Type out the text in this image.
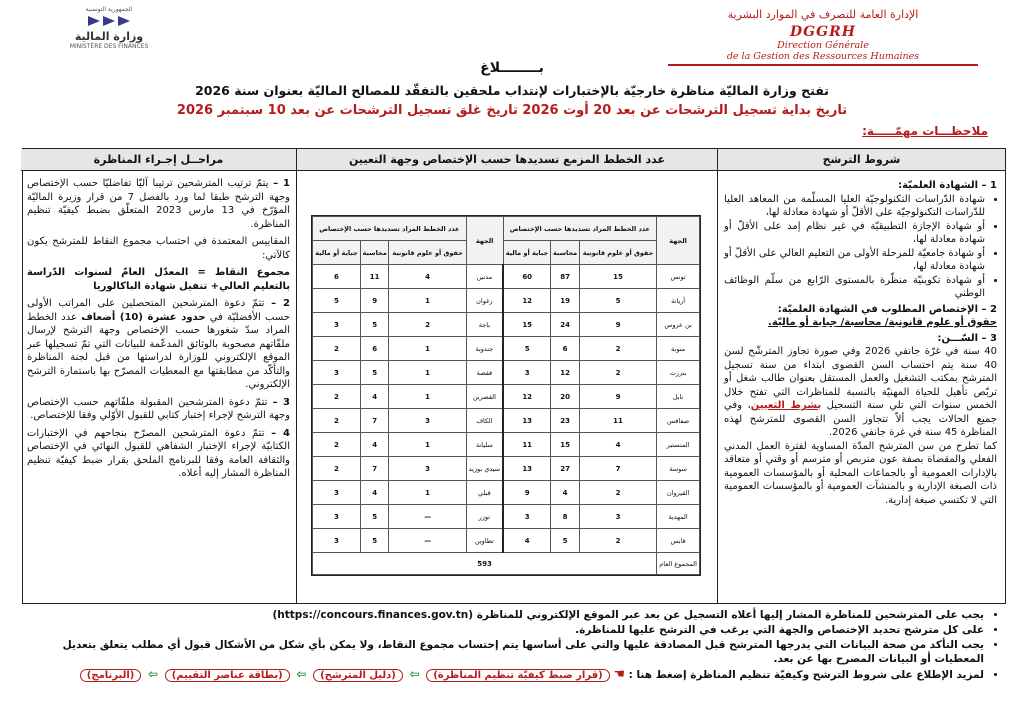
الإدارة العامة للتصرف في الموارد البشرية
DGGRH
Direction Générale
de la Gestion des Ressources Humaines
الجمهورية التونسية
وزارة المالية
MINISTÈRE DES FINANCES
بــــــــلاغ
تفتح وزارة الماليّة مناظرة خارجيّة بالإختبارات لإنتداب ملحقين بالتفقّد للمصالح الماليّة بعنوان سنة 2026
تاريخ بداية تسجيل الترشحات عن بعد 20 أوت 2026 تاريخ غلق تسجيل الترشحات عن بعد 10 سبتمبر 2026
ملاحظـــات مهمّـــــة:
شروط الترشح
عدد الخطط المزمع تسديدها حسب الإختصاص وجهة التعيين
مراحــل إجـراء المناظرة
1 – الشهادة العلميّة:
• شهادة الدّراسات التكنولوجيّة العليا المسلّمة من المعاهد العليا للدّراسات التكنولوجيّة على الأقلّ أو شهادة معادلة لها،
• أو شهادة الإجازة التطبيقيّة في غير نظام إمد على الأقلّ أو شهادة معادلة لها،
• أو شهادة جامعيّة للمرحلة الأولى من التعليم العالي على الأقلّ أو شهادة معادلة لها،
• أو شهادة تكوينيّة منظّرة بالمستوى الرّابع من سلّم الوظائف الوطني
2 – الإختصاص المطلوب في الشهادة العلميّة:
حقوق أو علوم قانونية/ محاسبة/ جباية أو ماليّة.
3 – السّـــن:
40 سنة في غرّة جانفي 2026 وفي صورة تجاوز المترشّح لسن 40 سنة يتم احتساب السن القصوى ابتداء من سنة تسجيل المترشح بمكتب التشغيل والعمل المستقل بعنوان طالب شغل أو تربّص تأهيل للحياة المهنيّة بالنسبة للمناظرات التي تفتح خلال الخمس سنوات التي تلي سنة التسجيل بشرط التعيين، وفي جميع الحالات يجب ألاّ تتجاوز السن القصوى للمترشح لهذه المناظرة 45 سنة في غرة جانفي 2026.
كما تطرح من سن المترشح المدّة المساوية لفترة العمل المدني الفعلي والمقضاة بصفة عون متربص أو مترسم أو وقتي أو متعاقد بالإدارات العمومية أو بالجماعات المحلية أو بالمؤسسات العمومية ذات الصبغة الإدارية و بالمنشآت العمومية أو بالمؤسسات العمومية التي لا تكتسي صبغة إدارية.
الجهة	عدد الخطط المراد تسديدها حسب الإختصاص			الجهة	عدد الخطط المراد تسديدها حسب الإختصاص		
	حقوق أو علوم قانونية	محاسبة	جباية أو مالية		حقوق أو علوم قانونية	محاسبة	جباية أو مالية
تونس	15	87	60	مدنين	4	11	6
أريانة	5	19	12	زغوان	1	9	5
بن عروس	9	24	15	باجة	2	5	3
منوبة	2	6	5	جندوبة	1	6	2
بنزرت	2	12	3	قفصة	1	5	3
نابل	9	20	12	القصرين	1	4	2
صفاقس	11	23	13	الكاف	3	7	2
المنستير	4	15	11	سليانة	1	4	2
سوسة	7	27	13	سيدي بوزيد	3	7	2
القيروان	2	4	9	قبلي	1	4	3
المهدية	3	8	3	توزر	—	5	3
قابس	2	5	4	تطاوين	—	5	3
المجموع العام	593						

1 – يتمّ ترتيب المترشحين ترتيبا آليّا تفاضليّا حسب الإختصاص وجهة الترشح طبقا لما ورد بالفصل 7 من قرار وزيرة الماليّة المؤرّخ في 13 مارس 2023 المتعلّق بضبط كيفيّة تنظيم المناظرة.

المقاييس المعتمدة في احتساب مجموع النقاط للمترشح يكون كالآتي:

مجموع النقاط = المعدّل العامّ لسنوات الدّراسة بالتعليم العالي+ تنفيل شهادة الباكالوريا

2 – تتمّ دعوة المترشحين المتحصلين على المراتب الأولى حسب الأفضليّة في حدود عشرة (10) أضعاف عدد الخطط المراد سدّ شغورها حسب الإختصاص وجهة الترشح لإرسال ملفّاتهم مصحوبة بالوثائق المدعّمة للبيانات التي تمّ تسجيلها عبر الموقع الإلكتروني للوزارة لدراستها من قبل لجنة المناظرة والتأكّد من مطابقتها مع المعطيات المصرّح بها باستمارة الترشح الإلكتروني.

3 – تتمّ دعوة المترشحين المقبولة ملفّاتهم حسب الإختصاص وجهة الترشح لإجراء إختبار كتابي للقبول الأوّلي وفقا للإختصاص.

4 – تتمّ دعوة المترشحين المصرّح بنجاحهم في الإختبارات الكتابيّة لإجراء الإختبار الشفاهي للقبول النهائي في الإختصاص والثقافة العامة وفقا للبرنامج الملحق بقرار ضبط كيفيّة تنظيم المناظرة المشار إليه أعلاه.

• يجب على المترشحين للمناظرة المشار إليها أعلاه التسجيل عن بعد عبر الموقع الإلكتروني للمناظرة (https://concours.finances.gov.tn)
• على كل مترشح تحديد الإختصاص والجهة التي يرغب في الترشح عليها للمناظرة.
• يجب التأكد من صحة البيانات التي يدرجها المترشح قبل المصادقة عليها والتي على أساسها يتم إحتساب مجموع النقاط، ولا يمكن بأي شكل من الأشكال قبول أي مطلب يتعلق بتعديل المعطيات أو البيانات المصرح بها عن بعد.
• لمزيد الإطلاع على شروط الترشح وكيفيّة تنظيم المناظرة إضغط هنا : ☚ (قرار ضبط كيفيّة تنظيم المناظرة) ⇦ (دليل المترشح) ⇦ (بطاقة عناصر التقييم) ⇦ (البرنامج)
